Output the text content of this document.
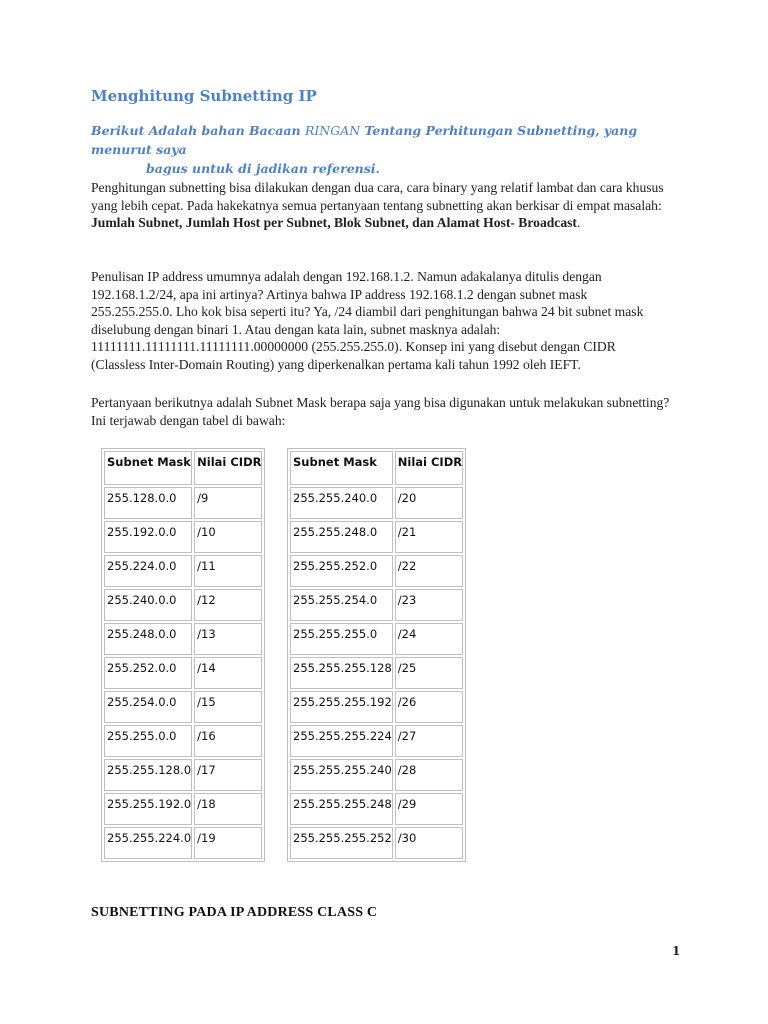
Menghitung Subnetting IP

Berikut Adalah bahan Bacaan RINGAN Tentang Perhitungan Subnetting, yang menurut saya
bagus untuk di jadikan referensi.

Penghitungan subnetting bisa dilakukan dengan dua cara, cara binary yang relatif lambat dan cara khusus yang lebih cepat. Pada hakekatnya semua pertanyaan tentang subnetting akan berkisar di empat masalah: Jumlah Subnet, Jumlah Host per Subnet, Blok Subnet, dan Alamat Host- Broadcast.

Penulisan IP address umumnya adalah dengan 192.168.1.2. Namun adakalanya ditulis dengan 192.168.1.2/24, apa ini artinya? Artinya bahwa IP address 192.168.1.2 dengan subnet mask 255.255.255.0. Lho kok bisa seperti itu? Ya, /24 diambil dari penghitungan bahwa 24 bit subnet mask diselubung dengan binari 1. Atau dengan kata lain, subnet masknya adalah: 11111111.11111111.11111111.00000000 (255.255.255.0). Konsep ini yang disebut dengan CIDR (Classless Inter-Domain Routing) yang diperkenalkan pertama kali tahun 1992 oleh IEFT.

Pertanyaan berikutnya adalah Subnet Mask berapa saja yang bisa digunakan untuk melakukan subnetting? Ini terjawab dengan tabel di bawah:

Subnet Mask	Nilai CIDR
255.128.0.0	/9
255.192.0.0	/10
255.224.0.0	/11
255.240.0.0	/12
255.248.0.0	/13
255.252.0.0	/14
255.254.0.0	/15
255.255.0.0	/16
255.255.128.0	/17
255.255.192.0	/18
255.255.224.0	/19
Subnet Mask	Nilai CIDR
255.255.240.0	/20
255.255.248.0	/21
255.255.252.0	/22
255.255.254.0	/23
255.255.255.0	/24
255.255.255.128	/25
255.255.255.192	/26
255.255.255.224	/27
255.255.255.240	/28
255.255.255.248	/29
255.255.255.252	/30
SUBNETTING PADA IP ADDRESS CLASS C
1
